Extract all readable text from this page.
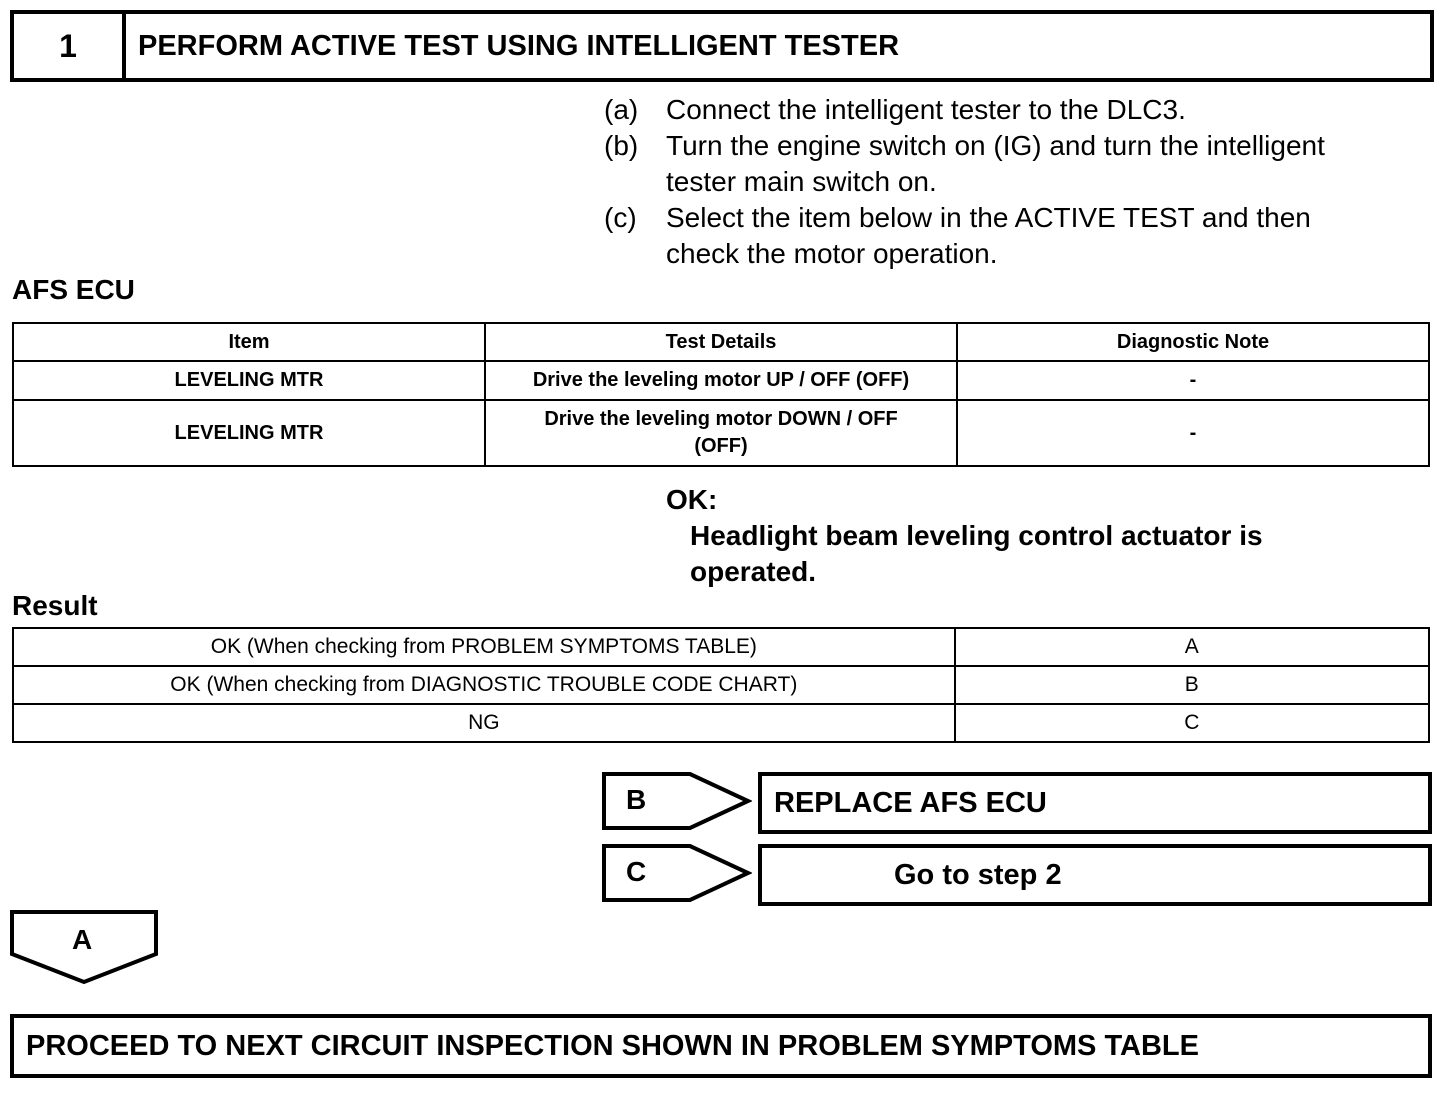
1	PERFORM ACTIVE TEST USING INTELLIGENT TESTER
(a) Connect the intelligent tester to the DLC3.
(b) Turn the engine switch on (IG) and turn the intelligent
tester main switch on.
(c)	Select the item below in the ACTIVE TEST and then
check the motor operation.
AFS ECU
Item	Test Details	Diagnostic Note
LEVELING MTR	Drive the leveling motor UP / OFF (OFF)	-
LEVELING MTR	Drive the leveling motor DOWN / OFF
(OFF)	-
OK:
Headlight beam leveling control actuator is
operated.
Result
OK (When checking from PROBLEM SYMPTOMS TABLE)	A
OK (When checking from DIAGNOSTIC TROUBLE CODE CHART)	B
NG	C
B	REPLACE AFS ECU
C	Go to step 2
A
PROCEED TO NEXT CIRCUIT INSPECTION SHOWN IN PROBLEM SYMPTOMS TABLE
